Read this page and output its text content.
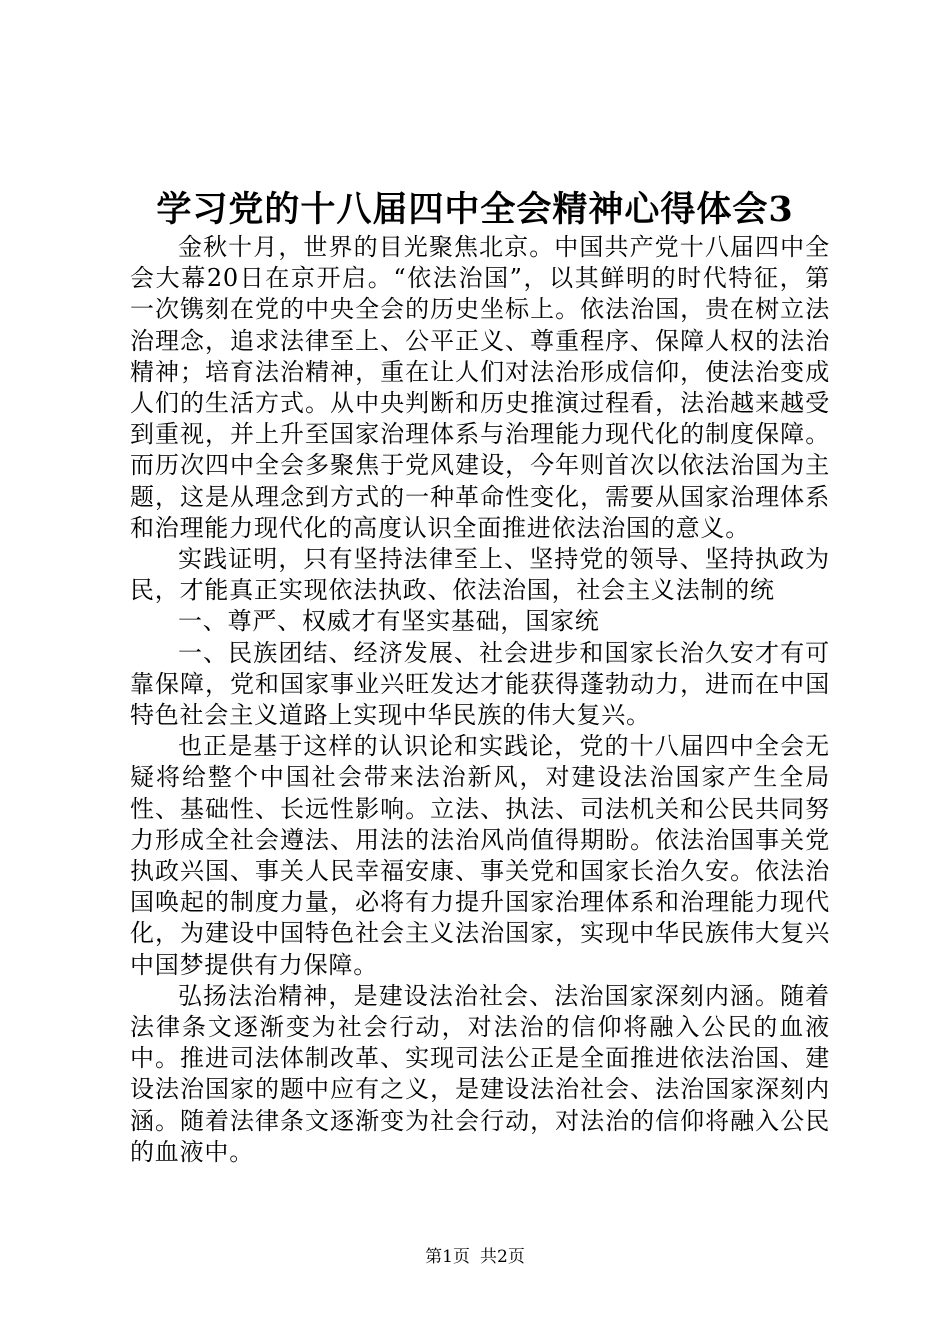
学习党的十八届四中全会精神心得体会3

金秋十月，世界的目光聚焦北京。中国共产党十八届四中全会大幕20日在京开启。“依法治国”，以其鲜明的时代特征，第一次镌刻在党的中央全会的历史坐标上。依法治国，贵在树立法治理念，追求法律至上、公平正义、尊重程序、保障人权的法治精神；培育法治精神，重在让人们对法治形成信仰，使法治变成人们的生活方式。从中央判断和历史推演过程看，法治越来越受到重视，并上升至国家治理体系与治理能力现代化的制度保障。而历次四中全会多聚焦于党风建设，今年则首次以依法治国为主题，这是从理念到方式的一种革命性变化，需要从国家治理体系和治理能力现代化的高度认识全面推进依法治国的意义。

实践证明，只有坚持法律至上、坚持党的领导、坚持执政为民，才能真正实现依法执政、依法治国，社会主义法制的统

一、尊严、权威才有坚实基础，国家统

一、民族团结、经济发展、社会进步和国家长治久安才有可靠保障，党和国家事业兴旺发达才能获得蓬勃动力，进而在中国特色社会主义道路上实现中华民族的伟大复兴。

也正是基于这样的认识论和实践论，党的十八届四中全会无疑将给整个中国社会带来法治新风，对建设法治国家产生全局性、基础性、长远性影响。立法、执法、司法机关和公民共同努力形成全社会遵法、用法的法治风尚值得期盼。依法治国事关党执政兴国、事关人民幸福安康、事关党和国家长治久安。依法治国唤起的制度力量，必将有力提升国家治理体系和治理能力现代化，为建设中国特色社会主义法治国家，实现中华民族伟大复兴中国梦提供有力保障。

弘扬法治精神，是建设法治社会、法治国家深刻内涵。随着法律条文逐渐变为社会行动，对法治的信仰将融入公民的血液中。推进司法体制改革、实现司法公正是全面推进依法治国、建设法治国家的题中应有之义，是建设法治社会、法治国家深刻内涵。随着法律条文逐渐变为社会行动，对法治的信仰将融入公民的血液中。

第1页 共2页
